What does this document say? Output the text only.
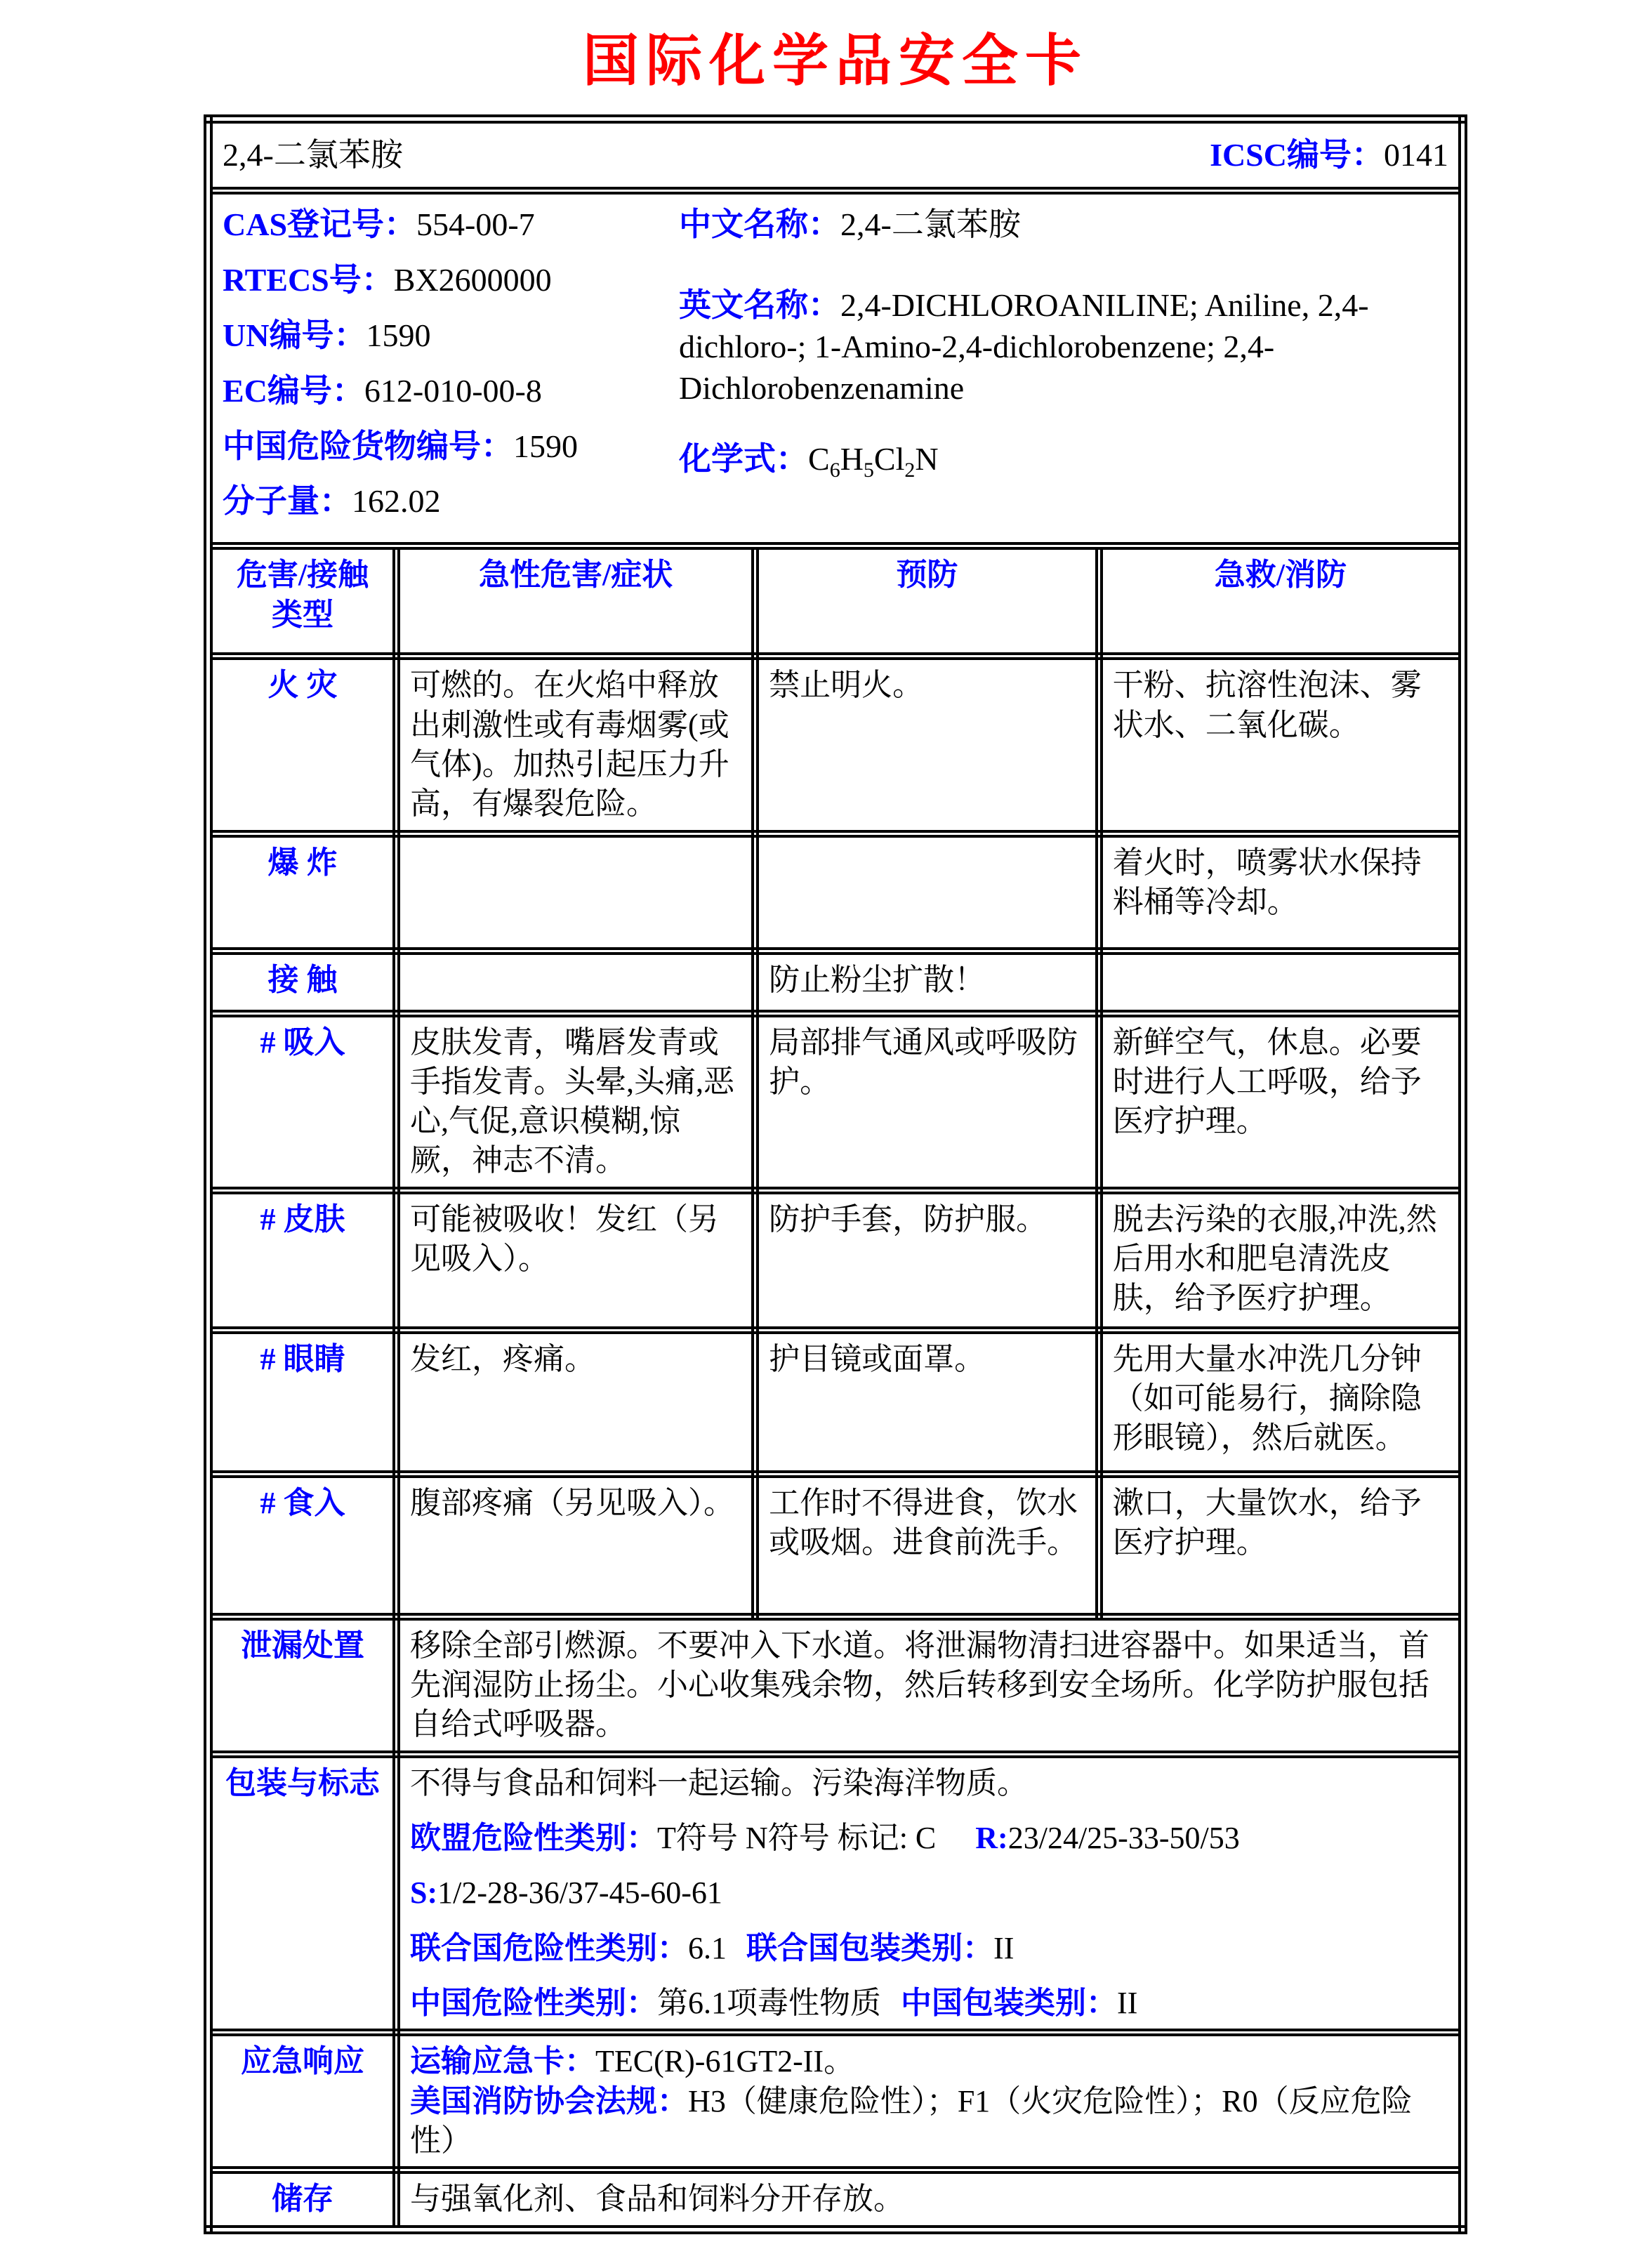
国际化学品安全卡
2,4-二氯苯胺 ICSC编号：0141			

CAS登记号：554-00-7
RTECS号：BX2600000
UN编号：1590
EC编号：612-010-00-8
中国危险货物编号：1590
分子量：162.02
中文名称：2,4-二氯苯胺
英文名称：2,4-DICHLOROANILINE; Aniline, 2,4-dichloro-; 1-Amino-2,4-dichlorobenzene; 2,4-Dichlorobenzenamine
化学式：$C_6H_5Cl_2N$

危害/接触
类型	急性危害/症状	预防	急救/消防
火 灾	可燃的。在火焰中释放出刺激性或有毒烟雾(或气体)。加热引起压力升高，有爆裂危险。	禁止明火。	干粉、抗溶性泡沫、雾状水、二氧化碳。
爆 炸			着火时，喷雾状水保持料桶等冷却。
接 触		防止粉尘扩散！	
# 吸入	皮肤发青，嘴唇发青或手指发青。头晕,头痛,恶心,气促,意识模糊,惊厥，神志不清。	局部排气通风或呼吸防护。	新鲜空气，休息。必要时进行人工呼吸，给予医疗护理。
# 皮肤	可能被吸收！发红（另见吸入）。	防护手套，防护服。	脱去污染的衣服,冲洗,然后用水和肥皂清洗皮肤，给予医疗护理。
# 眼睛	发红，疼痛。	护目镜或面罩。	先用大量水冲洗几分钟（如可能易行，摘除隐形眼镜），然后就医。
# 食入	腹部疼痛（另见吸入）。	工作时不得进食，饮水或吸烟。进食前洗手。	漱口，大量饮水，给予医疗护理。
泄漏处置	移除全部引燃源。不要冲入下水道。将泄漏物清扫进容器中。如果适当，首先润湿防止扬尘。小心收集残余物，然后转移到安全场所。化学防护服包括自给式呼吸器。		
包装与标志	不得与食品和饲料一起运输。污染海洋物质。
欧盟危险性类别：T符号 N符号 标记: C R:23/24/25-33-50/53
S:1/2-28-36/37-45-60-61
联合国危险性类别：6.1 联合国包装类别：II
中国危险性类别：第6.1项毒性物质 中国包装类别：II		

应急响应	运输应急卡：TEC(R)-61GT2-II。
美国消防协会法规：H3（健康危险性）；F1（火灾危险性）；R0（反应危险性）		

储存	与强氧化剂、食品和饲料分开存放。		
